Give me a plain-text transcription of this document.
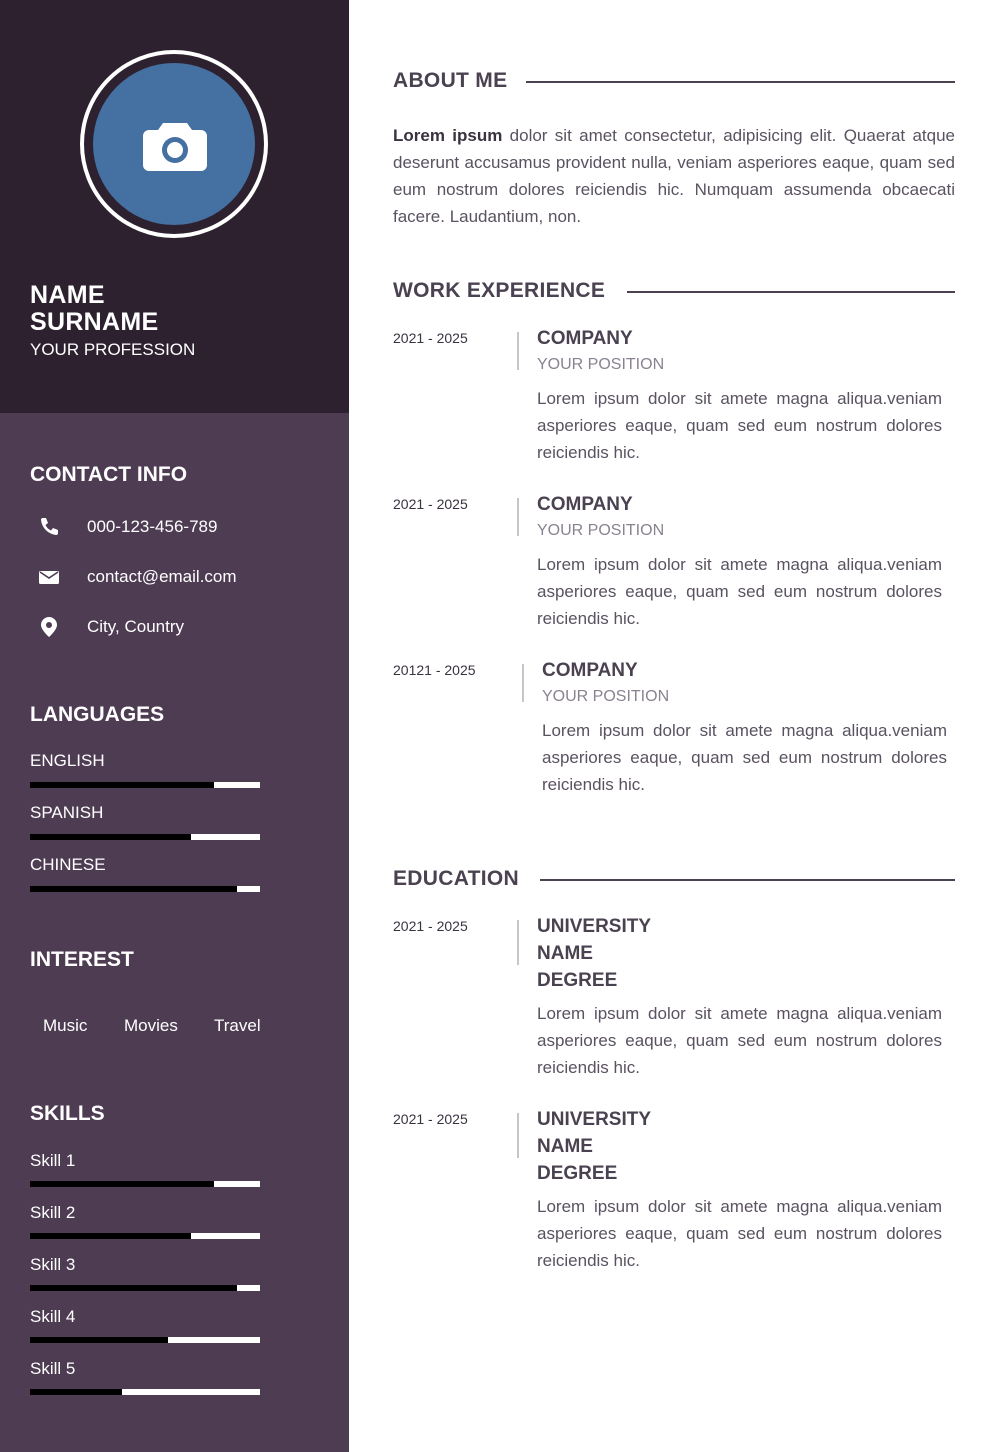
NAME
SURNAME
YOUR PROFESSION
CONTACT INFO
000-123-456-789
contact@email.com
City, Country
LANGUAGES
ENGLISH
SPANISH
CHINESE
INTEREST
Music Movies Travel
SKILLS
Skill 1
Skill 2
Skill 3
Skill 4
Skill 5
ABOUT ME
Lorem ipsum dolor sit amet consectetur, adipisicing elit. Quaerat atque deserunt accusamus provident nulla, veniam asperiores eaque, quam sed eum nostrum dolores reiciendis hic. Numquam assumenda obcaecati facere. Laudantium, non.
WORK EXPERIENCE
2021 - 2025	COMPANY
YOUR POSITION
Lorem ipsum dolor sit amete magna aliqua.veniam asperiores eaque, quam sed eum nostrum dolores reiciendis hic.
2021 - 2025	COMPANY
YOUR POSITION
Lorem ipsum dolor sit amete magna aliqua.veniam asperiores eaque, quam sed eum nostrum dolores reiciendis hic.
20121 - 2025	COMPANY
YOUR POSITION
Lorem ipsum dolor sit amete magna aliqua.veniam asperiores eaque, quam sed eum nostrum dolores reiciendis hic.
EDUCATION
2021 - 2025	UNIVERSITY
NAME
DEGREE
Lorem ipsum dolor sit amete magna aliqua.veniam asperiores eaque, quam sed eum nostrum dolores reiciendis hic.
2021 - 2025	UNIVERSITY
NAME
DEGREE
Lorem ipsum dolor sit amete magna aliqua.veniam asperiores eaque, quam sed eum nostrum dolores reiciendis hic.
